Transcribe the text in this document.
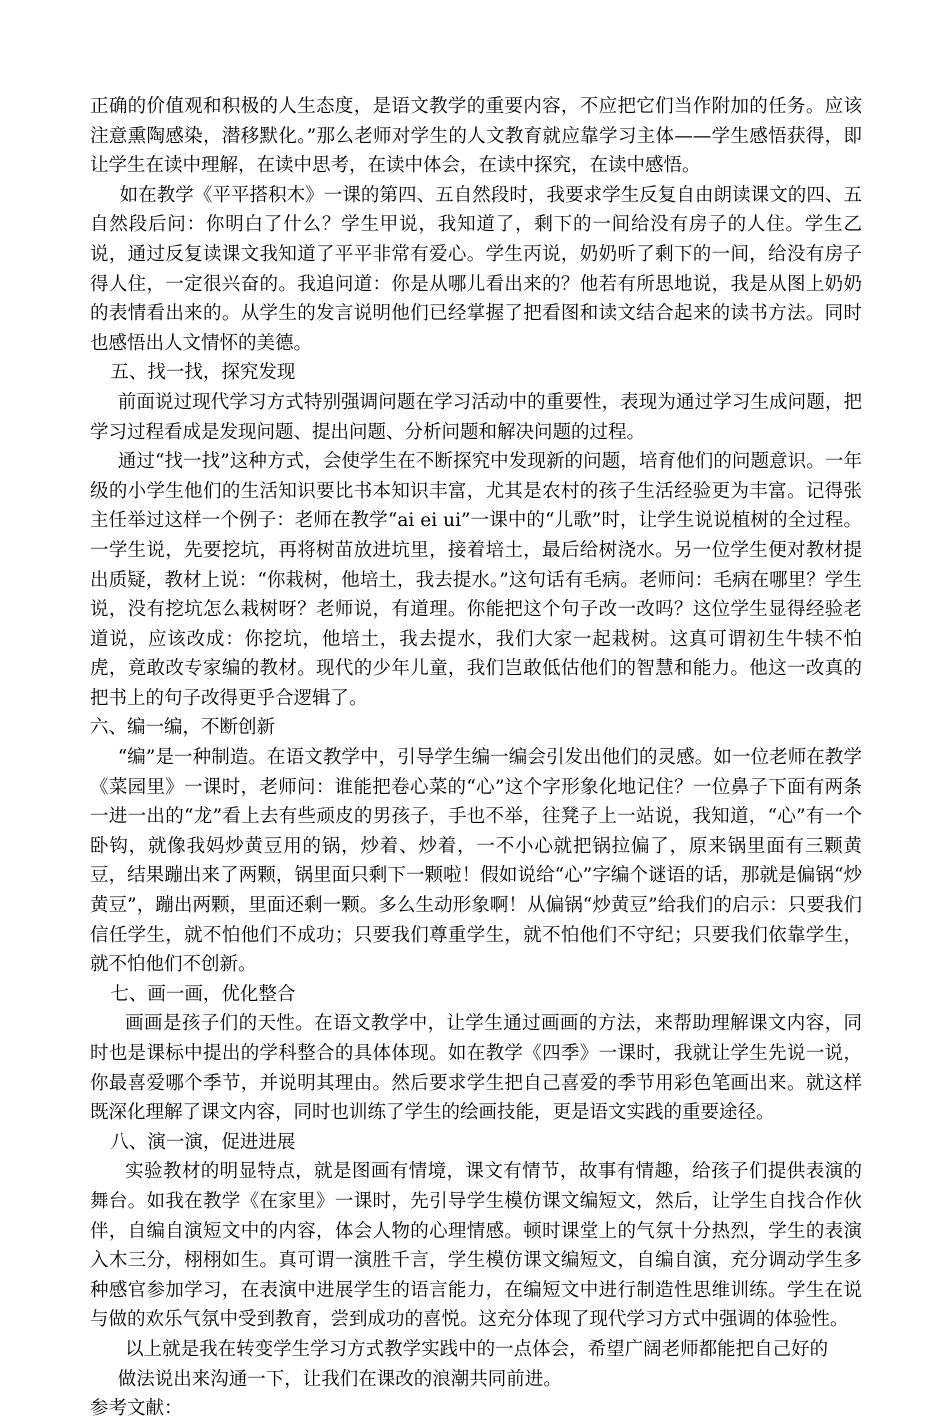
正确的价值观和积极的人生态度，是语文教学的重要内容，不应把它们当作附加的任务。应该注意熏陶感染，潜移默化。”那么老师对学生的人文教育就应靠学习主体——学生感悟获得，即让学生在读中理解，在读中思考，在读中体会，在读中探究，在读中感悟。

如在教学《平平搭积木》一课的第四、五自然段时，我要求学生反复自由朗读课文的四、五自然段后问：你明白了什么？学生甲说，我知道了，剩下的一间给没有房子的人住。学生乙说，通过反复读课文我知道了平平非常有爱心。学生丙说，奶奶听了剩下的一间，给没有房子得人住，一定很兴奋的。我追问道：你是从哪儿看出来的？他若有所思地说，我是从图上奶奶的表情看出来的。从学生的发言说明他们已经掌握了把看图和读文结合起来的读书方法。同时也感悟出人文情怀的美德。

五、找一找，探究发现

前面说过现代学习方式特别强调问题在学习活动中的重要性，表现为通过学习生成问题，把学习过程看成是发现问题、提出问题、分析问题和解决问题的过程。

通过“找一找”这种方式，会使学生在不断探究中发现新的问题，培育他们的问题意识。一年级的小学生他们的生活知识要比书本知识丰富，尤其是农村的孩子生活经验更为丰富。记得张主任举过这样一个例子：老师在教学“ai ei ui”一课中的“儿歌”时，让学生说说植树的全过程。一学生说，先要挖坑，再将树苗放进坑里，接着培土，最后给树浇水。另一位学生便对教材提出质疑，教材上说：“你栽树，他培土，我去提水。”这句话有毛病。老师问：毛病在哪里？学生说，没有挖坑怎么栽树呀？老师说，有道理。你能把这个句子改一改吗？这位学生显得经验老道说，应该改成：你挖坑，他培土，我去提水，我们大家一起栽树。这真可谓初生牛犊不怕虎，竟敢改专家编的教材。现代的少年儿童，我们岂敢低估他们的智慧和能力。他这一改真的把书上的句子改得更乎合逻辑了。

六、编一编，不断创新

“编”是一种制造。在语文教学中，引导学生编一编会引发出他们的灵感。如一位老师在教学《菜园里》一课时，老师问：谁能把卷心菜的“心”这个字形象化地记住？一位鼻子下面有两条一进一出的“龙”看上去有些顽皮的男孩子，手也不举，往凳子上一站说，我知道，“心”有一个卧钩，就像我妈炒黄豆用的锅，炒着、炒着，一不小心就把锅拉偏了，原来锅里面有三颗黄豆，结果蹦出来了两颗，锅里面只剩下一颗啦！假如说给“心”字编个谜语的话，那就是偏锅“炒黄豆”，蹦出两颗，里面还剩一颗。多么生动形象啊！从偏锅“炒黄豆”给我们的启示：只要我们信任学生，就不怕他们不成功；只要我们尊重学生，就不怕他们不守纪；只要我们依靠学生，就不怕他们不创新。

七、画一画，优化整合

画画是孩子们的天性。在语文教学中，让学生通过画画的方法，来帮助理解课文内容，同时也是课标中提出的学科整合的具体体现。如在教学《四季》一课时，我就让学生先说一说，你最喜爱哪个季节，并说明其理由。然后要求学生把自己喜爱的季节用彩色笔画出来。就这样既深化理解了课文内容，同时也训练了学生的绘画技能，更是语文实践的重要途径。

八、演一演，促进进展

实验教材的明显特点，就是图画有情境，课文有情节，故事有情趣，给孩子们提供表演的舞台。如我在教学《在家里》一课时，先引导学生模仿课文编短文，然后，让学生自找合作伙伴，自编自演短文中的内容，体会人物的心理情感。顿时课堂上的气氛十分热烈，学生的表演入木三分，栩栩如生。真可谓一演胜千言，学生模仿课文编短文，自编自演，充分调动学生多种感官参加学习，在表演中进展学生的语言能力，在编短文中进行制造性思维训练。学生在说与做的欢乐气氛中受到教育，尝到成功的喜悦。这充分体现了现代学习方式中强调的体验性。

以上就是我在转变学生学习方式教学实践中的一点体会，希望广阔老师都能把自己好的

做法说出来沟通一下，让我们在课改的浪潮共同前进。

参考文献：
